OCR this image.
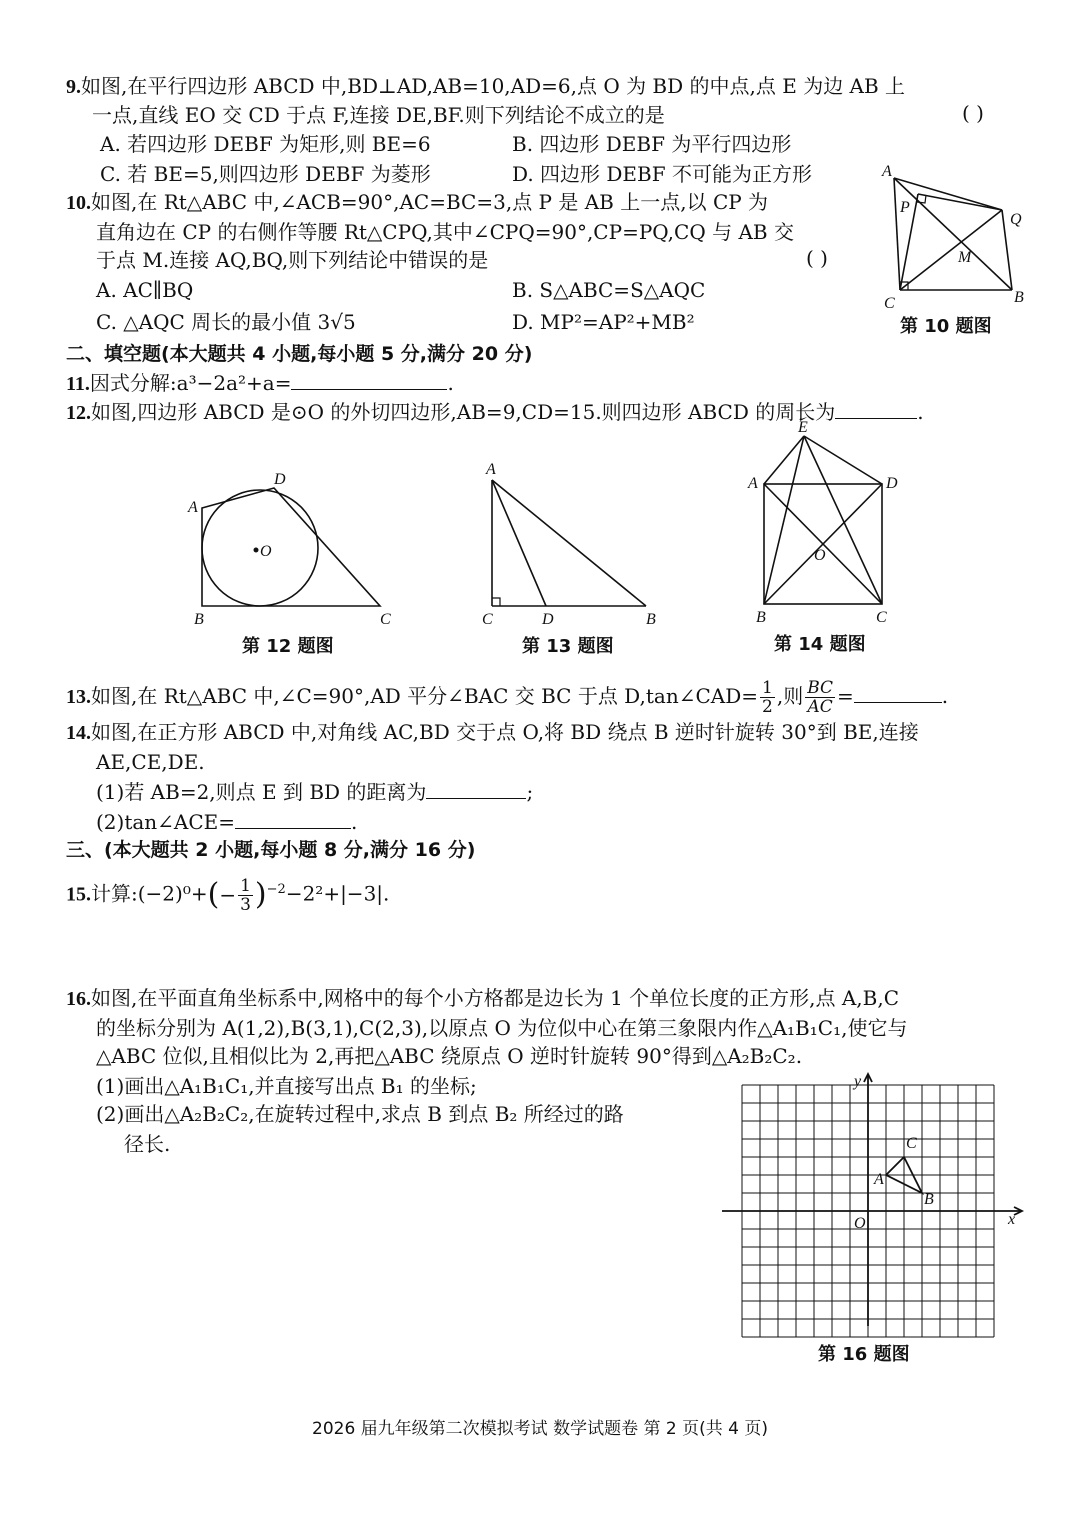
9.如图,在平行四边形 ABCD 中,BD⊥AD,AB=10,AD=6,点 O 为 BD 的中点,点 E 为边 AB 上
一点,直线 EO 交 CD 于点 F,连接 DE,BF.则下列结论不成立的是	( )
A. 若四边形 DEBF 为矩形,则 BE=6	B. 四边形 DEBF 为平行四边形
C. 若 BE=5,则四边形 DEBF 为菱形	D. 四边形 DEBF 不可能为正方形
10.如图,在 Rt△ABC 中,∠ACB=90°,AC=BC=3,点 P 是 AB 上一点,以 CP 为
直角边在 CP 的右侧作等腰 Rt△CPQ,其中∠CPQ=90°,CP=PQ,CQ 与 AB 交
于点 M.连接 AQ,BQ,则下列结论中错误的是	( )
A. AC∥BQ	B. S△ABC=S△AQC
C. △AQC 周长的最小值 3√5	D. MP²=AP²+MB²
A
P
Q
M
C	B
第 10 题图
二、填空题(本大题共 4 小题,每小题 5 分,满分 20 分)
11.因式分解:a³−2a²+a=	.
12.如图,四边形 ABCD 是⊙O 的外切四边形,AB=9,CD=15.则四边形 ABCD 的周长为	.
O
A
D
B	C
第 12 题图
A
C	D	B
第 13 题图
E
A	D
O
B	C
第 14 题图
13.如图,在 Rt△ABC 中,∠C=90°,AD 平分∠BAC 交 BC 于点 D,tan∠CAD= $\frac{1}{2}$ ,则 $\frac{BC}{AC}$ =	.
14.如图,在正方形 ABCD 中,对角线 AC,BD 交于点 O,将 BD 绕点 B 逆时针旋转 30°到 BE,连接
AE,CE,DE.
(1)若 AB=2,则点 E 到 BD 的距离为	;
(2)tan∠ACE=	.
三、(本大题共 2 小题,每小题 8 分,满分 16 分)
15.计算:(−2)⁰+(− $\frac{1}{3} )^{-2}-2^2+|-3|$.
16.如图,在平面直角坐标系中,网格中的每个小方格都是边长为 1 个单位长度的正方形,点 A,B,C
的坐标分别为 A(1,2),B(3,1),C(2,3),以原点 O 为位似中心在第三象限内作△A₁B₁C₁,使它与
△ABC 位似,且相似比为 2,再把△ABC 绕原点 O 逆时针旋转 90°得到△A₂B₂C₂.
(1)画出△A₁B₁C₁,并直接写出点 B₁ 的坐标;
(2)画出△A₂B₂C₂,在旋转过程中,求点 B 到点 B₂ 所经过的路
径长.
x
y
O
A
B
C
第 16 题图
2026 届九年级第二次模拟考试 数学试题卷 第 2 页(共 4 页)
